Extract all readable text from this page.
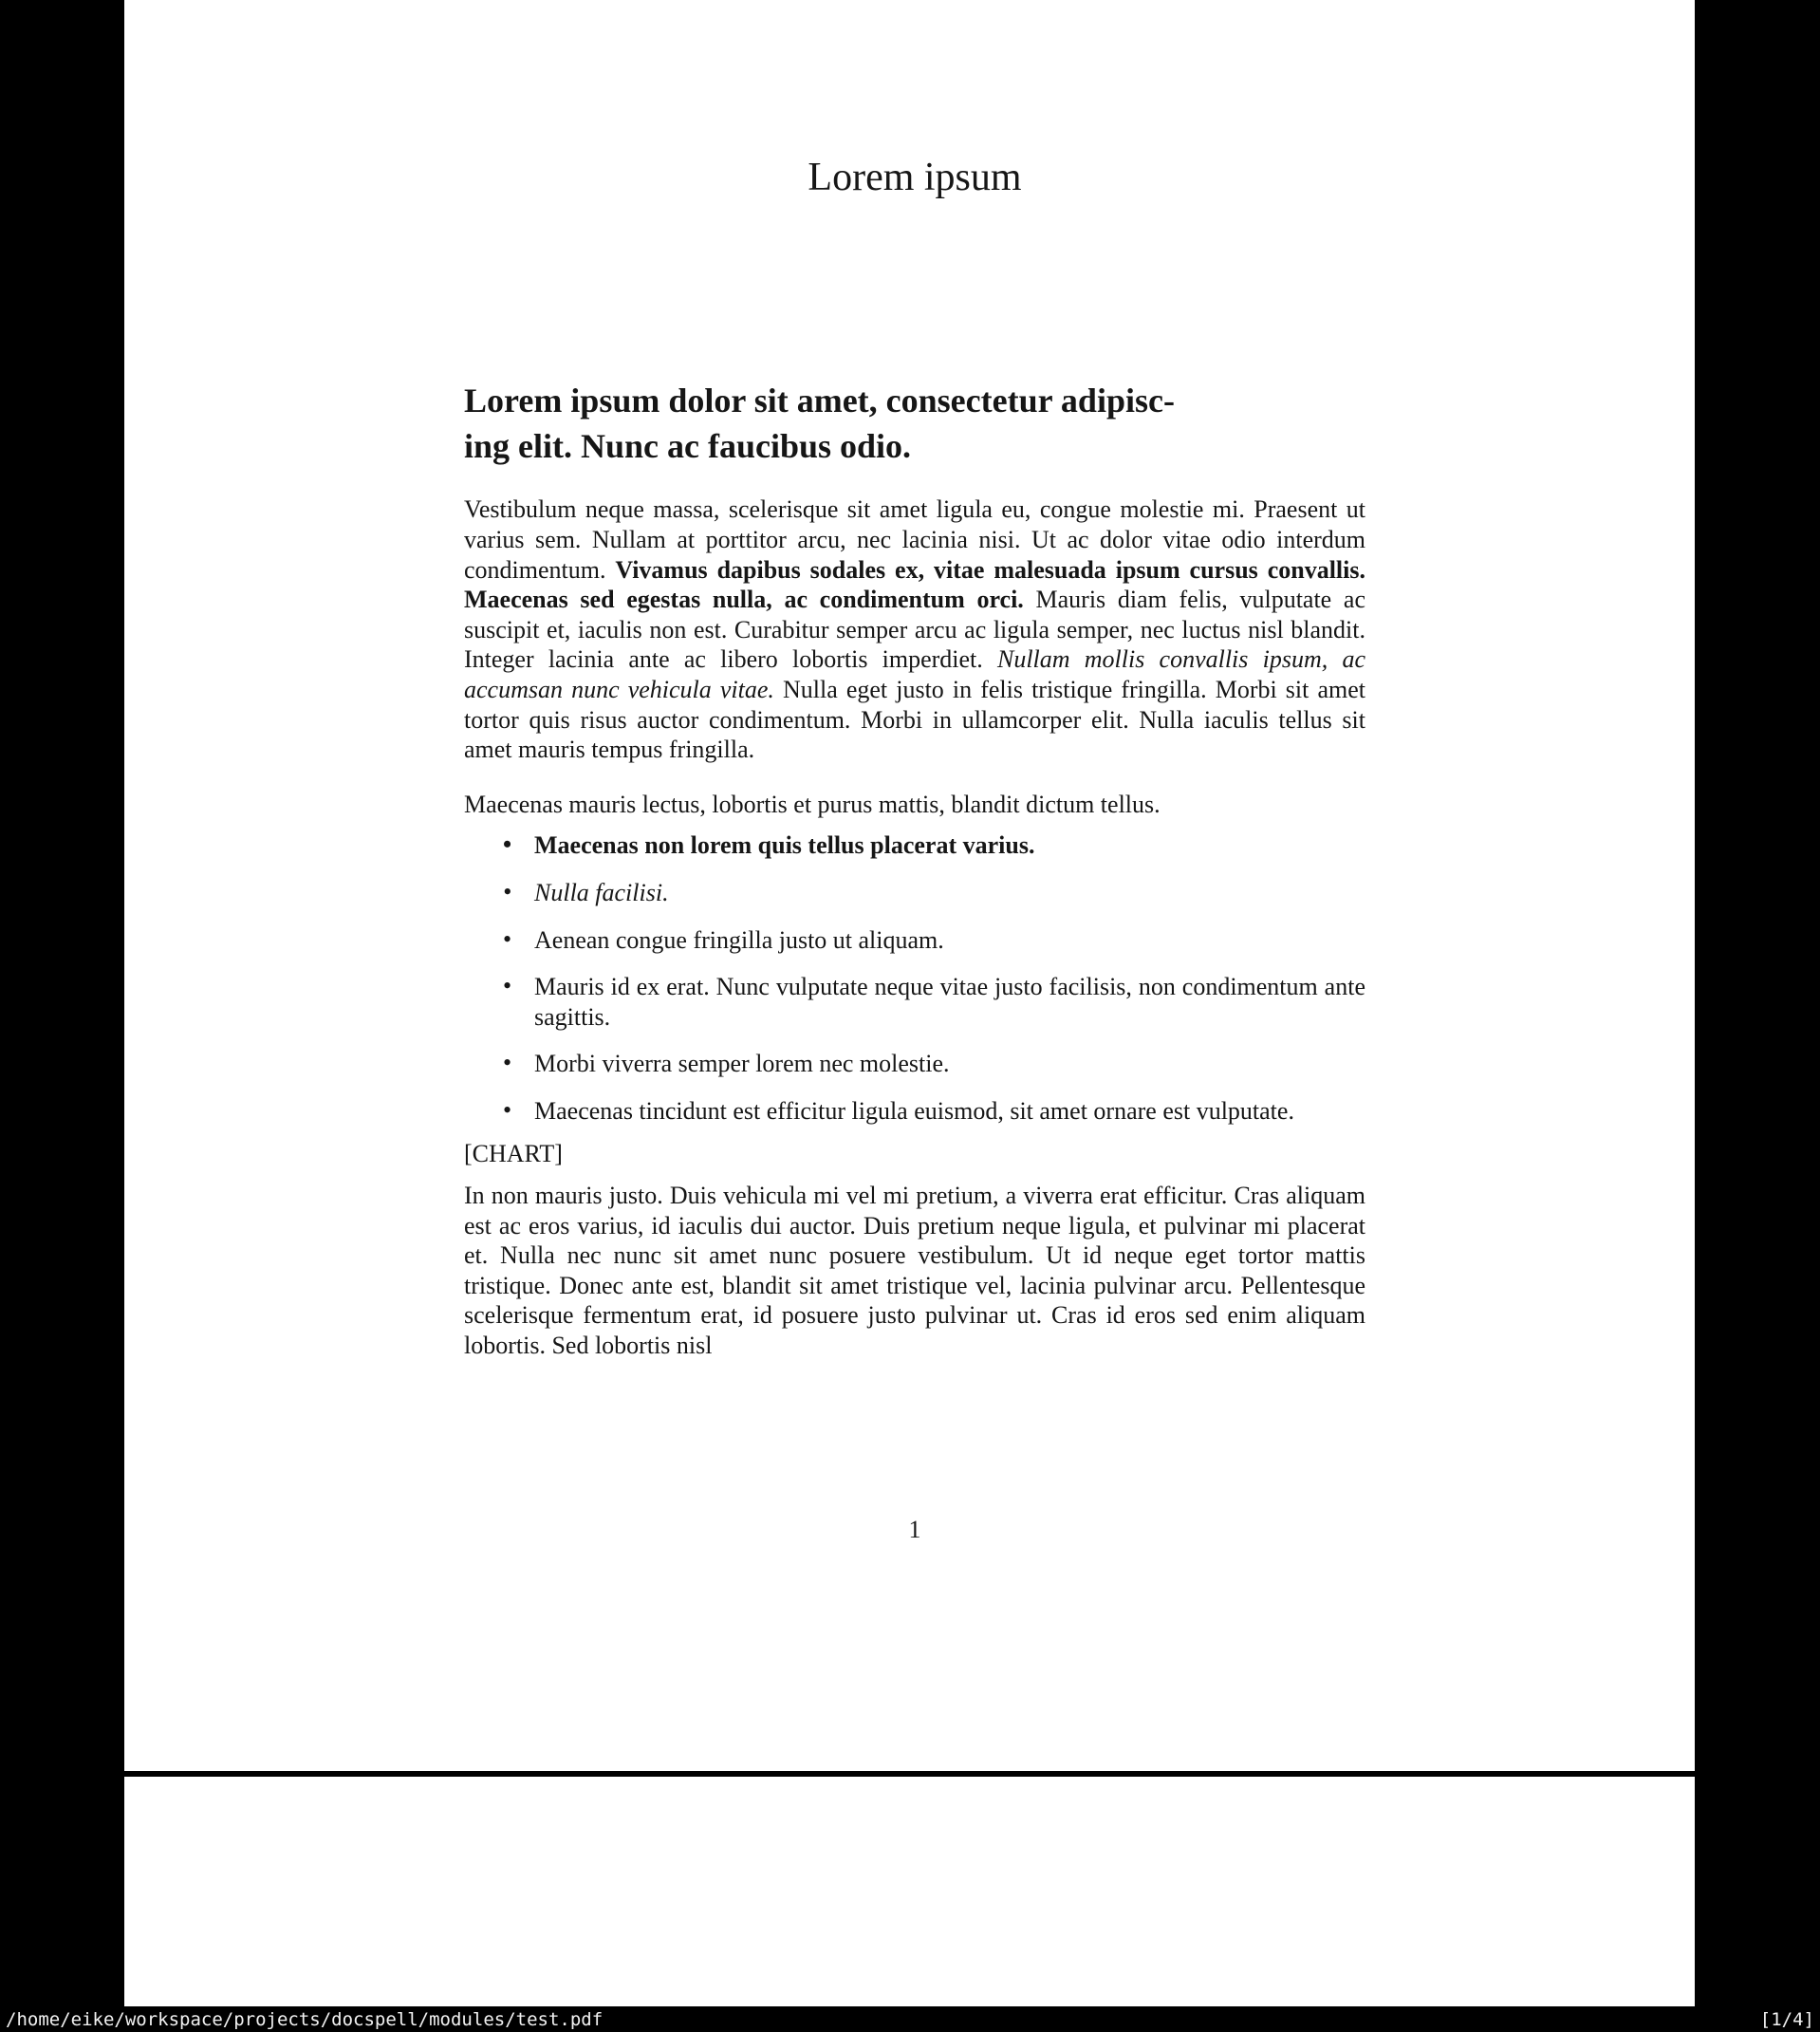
Lorem ipsum
Lorem ipsum dolor sit amet, consectetur adipisc-
ing elit. Nunc ac faucibus odio.

Vestibulum neque massa, scelerisque sit amet ligula eu, congue molestie mi. Praesent ut varius sem. Nullam at porttitor arcu, nec lacinia nisi. Ut ac dolor vitae odio interdum condimentum. Vivamus dapibus sodales ex, vitae malesuada ipsum cursus convallis. Maecenas sed egestas nulla, ac condimentum orci. Mauris diam felis, vulputate ac suscipit et, iaculis non est. Curabitur semper arcu ac ligula semper, nec luctus nisl blandit. Integer lacinia ante ac libero lobortis imperdiet. Nullam mollis convallis ipsum, ac accumsan nunc vehicula vitae. Nulla eget justo in felis tristique fringilla. Morbi sit amet tortor quis risus auctor condimentum. Morbi in ullamcorper elit. Nulla iaculis tellus sit amet mauris tempus fringilla.

Maecenas mauris lectus, lobortis et purus mattis, blandit dictum tellus.

• Maecenas non lorem quis tellus placerat varius.
• Nulla facilisi.
• Aenean congue fringilla justo ut aliquam.
• Mauris id ex erat. Nunc vulputate neque vitae justo facilisis, non condimentum ante sagittis.
• Morbi viverra semper lorem nec molestie.
• Maecenas tincidunt est efficitur ligula euismod, sit amet ornare est vulputate.

[CHART]

In non mauris justo. Duis vehicula mi vel mi pretium, a viverra erat efficitur. Cras aliquam est ac eros varius, id iaculis dui auctor. Duis pretium neque ligula, et pulvinar mi placerat et. Nulla nec nunc sit amet nunc posuere vestibulum. Ut id neque eget tortor mattis tristique. Donec ante est, blandit sit amet tristique vel, lacinia pulvinar arcu. Pellentesque scelerisque fermentum erat, id posuere justo pulvinar ut. Cras id eros sed enim aliquam lobortis. Sed lobortis nisl

1
/home/eike/workspace/projects/docspell/modules/test.pdf	[1/4]
